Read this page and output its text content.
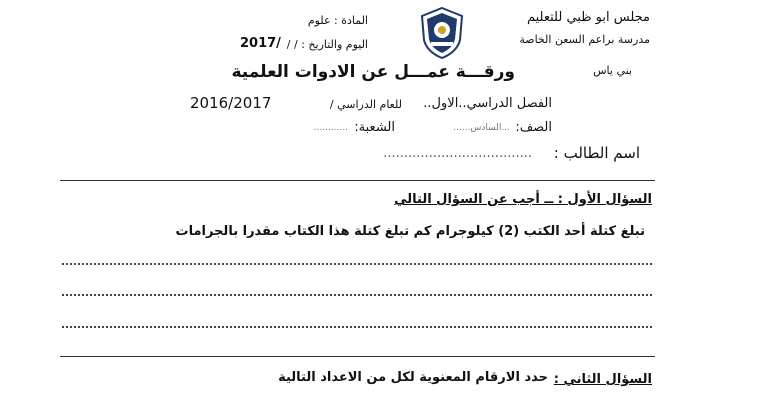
مجلس ابو ظبي للتعليم
مدرسة براعم السعن الخاصة
بني ياس
المادة : علوم
اليوم والتاريخ : / /
2017/
ورقـــة عمـــل عن الادوات العلمية
الفصل الدراسي..الاول..
للعام الدراسي /
2016/2017
الصف:
...السادس......
الشعبة:
............
اسم الطالب :
....................................
السؤال الأول : ــ أجب عن السؤال التالي
تبلغ كتلة أحد الكتب (2) كيلوجرام كم تبلغ كتلة هذا الكتاب مقدرا بالجرامات
السؤال الثاني :
حدد الارقام المعنوية لكل من الاعداد التالية
